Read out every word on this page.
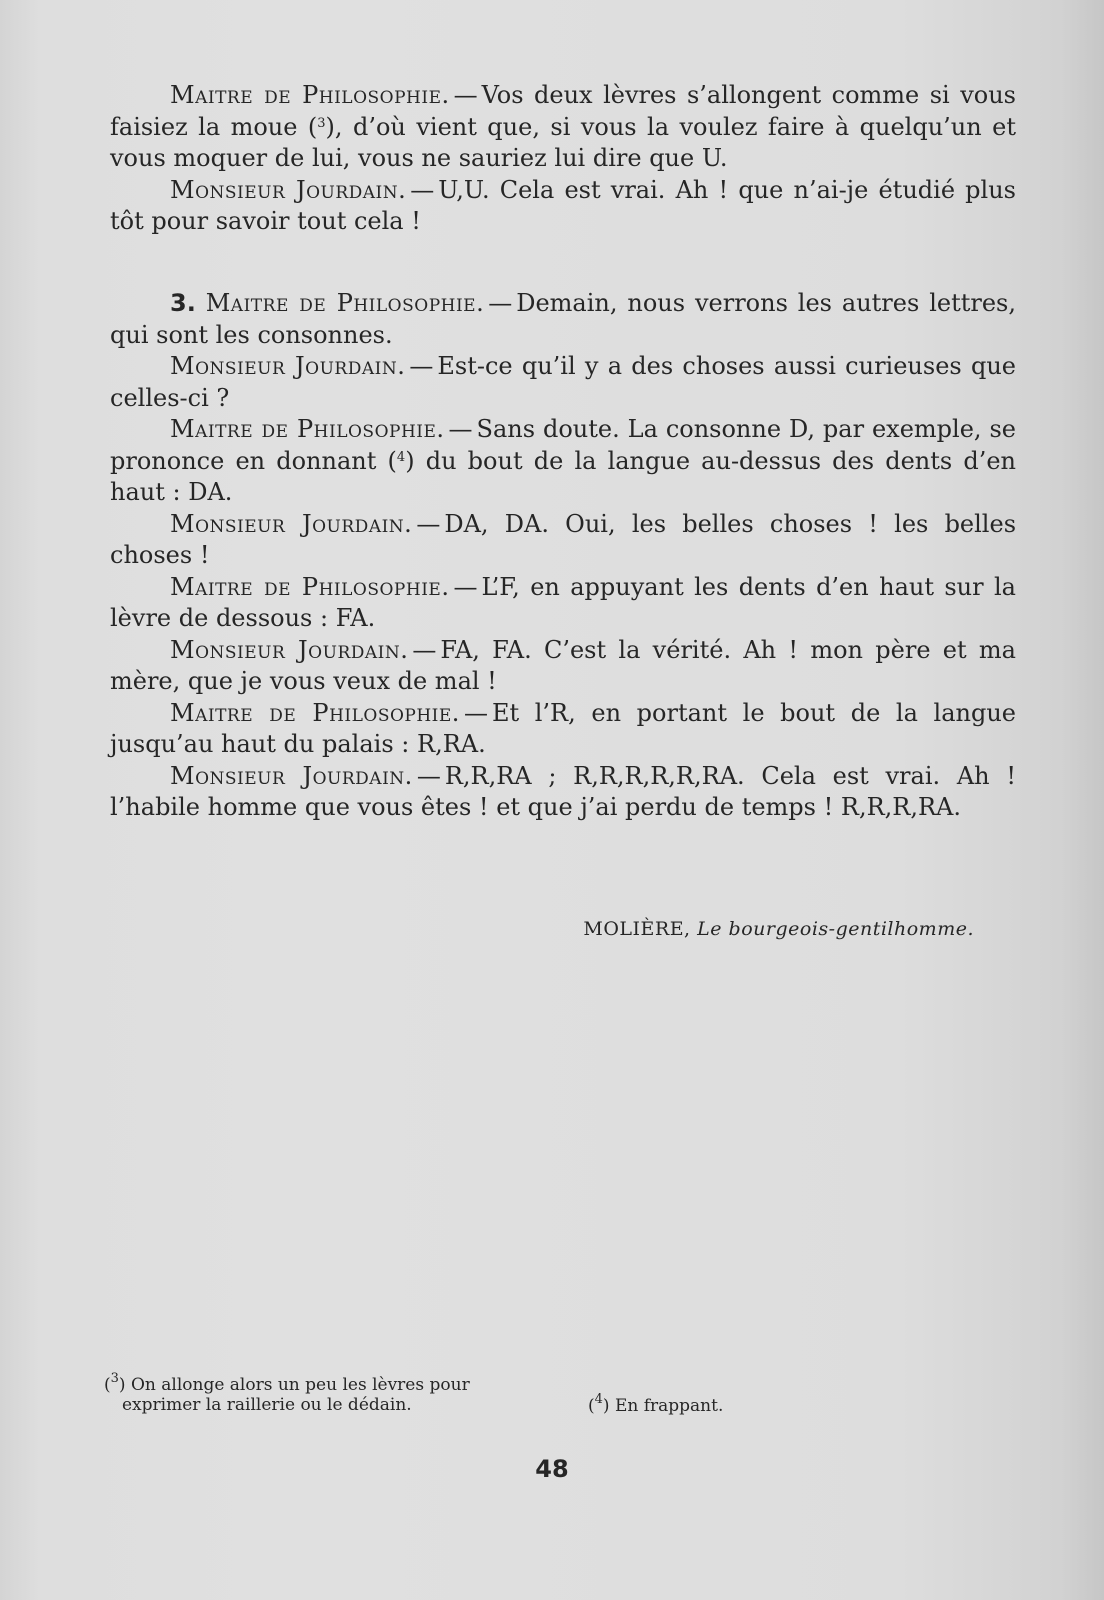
Maitre de Philosophie. — Vos deux lèvres s’allongent comme si vous faisiez la moue ($^3$), d’où vient que, si vous la voulez faire à quelqu’un et vous moquer de lui, vous ne sauriez lui dire que U.

Monsieur Jourdain. — U,U. Cela est vrai. Ah ! que n’ai-je étudié plus tôt pour savoir tout cela !

3. Maitre de Philosophie. — Demain, nous verrons les autres lettres, qui sont les consonnes.

Monsieur Jourdain. — Est-ce qu’il y a des choses aussi curieuses que celles-ci ?

Maitre de Philosophie. — Sans doute. La consonne D, par exemple, se prononce en donnant ($^4$) du bout de la langue au-dessus des dents d’en haut : DA.

Monsieur Jourdain. — DA, DA. Oui, les belles choses ! les belles choses !

Maitre de Philosophie. — L’F, en appuyant les dents d’en haut sur la lèvre de dessous : FA.

Monsieur Jourdain. — FA, FA. C’est la vérité. Ah ! mon père et ma mère, que je vous veux de mal !

Maitre de Philosophie. — Et l’R, en portant le bout de la langue jusqu’au haut du palais : R,RA.

Monsieur Jourdain. — R,R,RA ; R,R,R,R,R,RA. Cela est vrai. Ah ! l’habile homme que vous êtes ! et que j’ai perdu de temps ! R,R,R,RA.

MOLIÈRE, Le bourgeois-gentilhomme.
($^3$) On allonge alors un peu les lèvres pour
exprimer la raillerie ou le dédain.	($^4$) En frappant.
48
